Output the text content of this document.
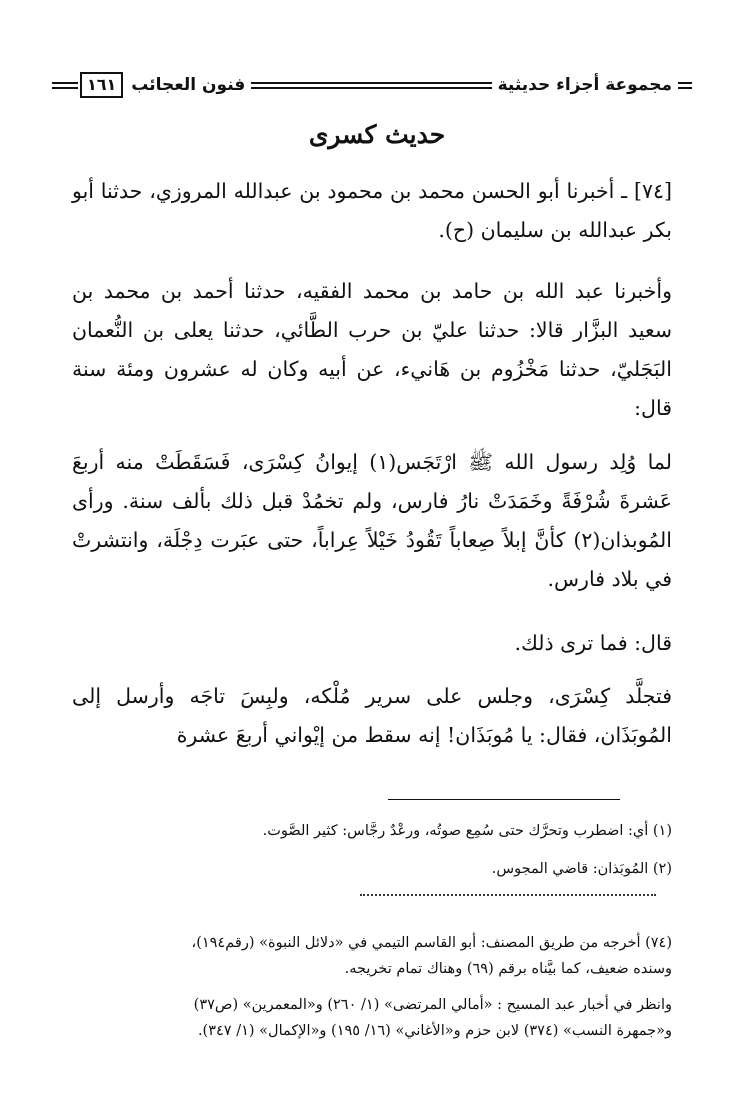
مجموعة أجزاء حديثية
فنون العجائب
١٦١
حديث كسرى
[٧٤] ـ أخبرنا أبو الحسن محمد بن محمود بن عبدالله المروزي، حدثنا أبو بكر عبدالله بن سليمان (ح).
وأخبرنا عبد الله بن حامد بن محمد الفقيه، حدثنا أحمد بن محمد بن سعيد البزَّار قالا: حدثنا عليّ بن حرب الطَّائي، حدثنا يعلى بن النُّعمان البَجَليّ، حدثنا مَخْزُوم بن هَانيء، عن أبيه وكان له عشرون ومئة سنة قال:
لما وُلِد رسول الله ﷺ ارْتَجَس(١) إيوانُ كِسْرَى، فَسَقَطَتْ منه أربعَ عَشرةَ شُرْفَةً وخَمَدَتْ نارُ فارس، ولم تخمُدْ قبل ذلك بألف سنة. ورأى المُوبذان(٢) كأنَّ إبلاً صِعاباً تَقُودُ خَيْلاً عِراباً، حتى عبَرت دِجْلَة، وانتشرتْ في بلاد فارس.
قال: فما ترى ذلك.
فتجلَّد كِسْرَى، وجلس على سرير مُلْكه، ولبِسَ تاجَه وأرسل إلى المُوبَذَان، فقال: يا مُوبَذَان! إنه سقط من إيْواني أربعَ عشرة
(١) أي: اضطرب وتحرَّك حتى سُمِع صوتُه، ورعْدٌ رجَّاس: كثير الصَّوت.
(٢) المُوبَذان: قاضي المجوس.
(٧٤) أخرجه من طريق المصنف: أبو القاسم التيمي في «دلائل النبوة» (رقم١٩٤)،
وسنده ضعيف، كما بيَّناه برقم (٦٩) وهناك تمام تخريجه.
وانظر في أخبار عبد المسيح : «أمالي المرتضى» (١/ ٢٦٠) و«المعمرين» (ص٣٧)
و«جمهرة النسب» (٣٧٤) لابن حزم و«الأغاني» (١٦/ ١٩٥) و«الإكمال» (١/ ٣٤٧).
